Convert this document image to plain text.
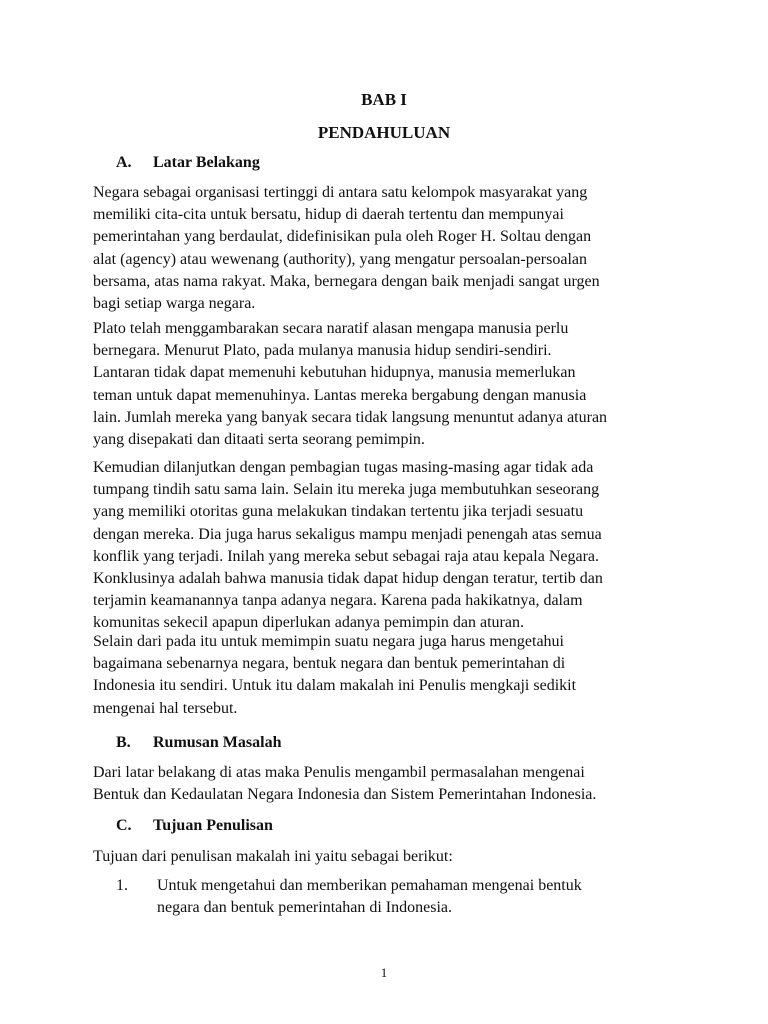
BAB I
PENDAHULUAN
A. Latar Belakang

Negara sebagai organisasi tertinggi di antara satu kelompok masyarakat yang
memiliki cita-cita untuk bersatu, hidup di daerah tertentu dan mempunyai
pemerintahan yang berdaulat, didefinisikan pula oleh Roger H. Soltau dengan
alat (agency) atau wewenang (authority), yang mengatur persoalan-persoalan
bersama, atas nama rakyat. Maka, bernegara dengan baik menjadi sangat urgen
bagi setiap warga negara.

Plato telah menggambarakan secara naratif alasan mengapa manusia perlu
bernegara. Menurut Plato, pada mulanya manusia hidup sendiri-sendiri.
Lantaran tidak dapat memenuhi kebutuhan hidupnya, manusia memerlukan
teman untuk dapat memenuhinya. Lantas mereka bergabung dengan manusia
lain. Jumlah mereka yang banyak secara tidak langsung menuntut adanya aturan
yang disepakati dan ditaati serta seorang pemimpin.

Kemudian dilanjutkan dengan pembagian tugas masing-masing agar tidak ada
tumpang tindih satu sama lain. Selain itu mereka juga membutuhkan seseorang
yang memiliki otoritas guna melakukan tindakan tertentu jika terjadi sesuatu
dengan mereka. Dia juga harus sekaligus mampu menjadi penengah atas semua
konflik yang terjadi. Inilah yang mereka sebut sebagai raja atau kepala Negara.
Konklusinya adalah bahwa manusia tidak dapat hidup dengan teratur, tertib dan
terjamin keamanannya tanpa adanya negara. Karena pada hakikatnya, dalam
komunitas sekecil apapun diperlukan adanya pemimpin dan aturan.

Selain dari pada itu untuk memimpin suatu negara juga harus mengetahui
bagaimana sebenarnya negara, bentuk negara dan bentuk pemerintahan di
Indonesia itu sendiri. Untuk itu dalam makalah ini Penulis mengkaji sedikit
mengenai hal tersebut.

B. Rumusan Masalah

Dari latar belakang di atas maka Penulis mengambil permasalahan mengenai
Bentuk dan Kedaulatan Negara Indonesia dan Sistem Pemerintahan Indonesia.

C. Tujuan Penulisan

Tujuan dari penulisan makalah ini yaitu sebagai berikut:

1. Untuk mengetahui dan memberikan pemahaman mengenai bentuk
negara dan bentuk pemerintahan di Indonesia.
1
